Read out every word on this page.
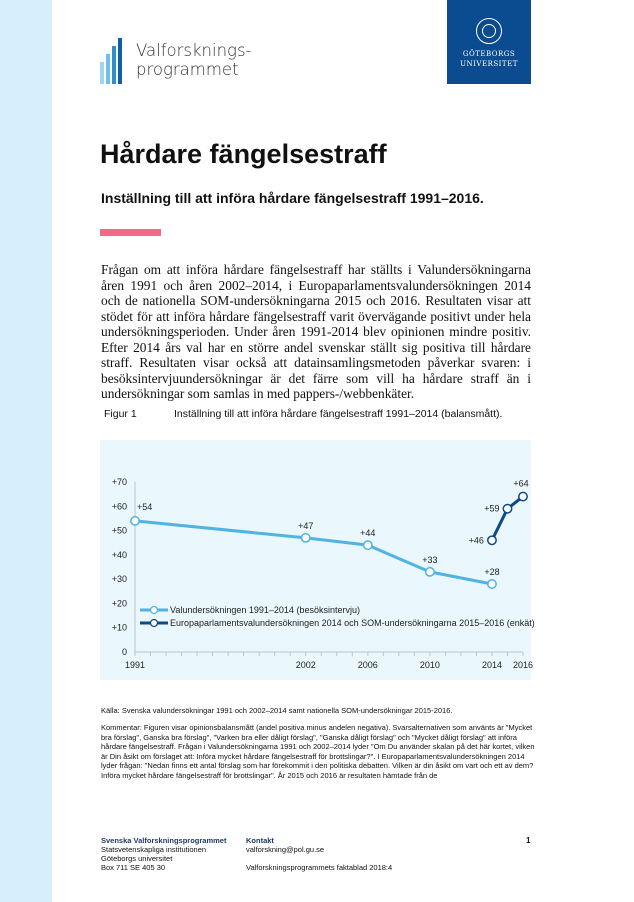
Valforsknings-
programmet
GÖTEBORGS
UNIVERSITET
Hårdare fängelsestraff
Inställning till att införa hårdare fängelsestraff 1991–2016.
Frågan om att införa hårdare fängelsestraff har ställts i Valundersökningarna åren 1991 och åren 2002–2014, i Europaparlamentsvalundersökningen 2014 och de nationella SOM-undersökningarna 2015 och 2016. Resultaten visar att stödet för att införa hårdare fängelsestraff varit övervägande positivt under hela undersökningsperioden. Under åren 1991-2014 blev opinionen mindre positiv. Efter 2014 års val har en större andel svenskar ställt sig positiva till hårdare straff. Resultaten visar också att datainsamlingsmetoden påverkar svaren: i besöksintervjuundersökningar är det färre som vill ha hårdare straff än i undersökningar som samlas in med pappers-/webbenkäter.
Figur 1	Inställning till att införa hårdare fängelsestraff 1991–2014 (balansmått).
0
+10
+20
+30
+40
+50
+60
+70
1991	2002	2006	2010	2014 2016
+54
+47
+44
+33
+28
+46
+59
+64
Valundersökningen 1991–2014 (besöksintervju)
Europaparlamentsvalundersökningen 2014 och SOM-undersökningarna 2015–2016 (enkät)
Källa: Svenska valundersökningar 1991 och 2002–2014 samt nationella SOM-undersökningar 2015-2016.
Kommentar: Figuren visar opinionsbalansmått (andel positiva minus andelen negativa). Svarsalternativen som använts är "Mycket bra förslag", Ganska bra förslag", "Varken bra eller dåligt förslag", "Ganska dåligt förslag" och "Mycket dåligt förslag" att införa hårdare fängelsestraff. Frågan i Valundersökningarna 1991 och 2002–2014 lyder "Om Du använder skalan på det här kortet, vilken är Din åsikt om förslaget att: Införa mycket hårdare fängelsestraff för brottslingar?". I Europaparlamentsvalundersökningen 2014 lyder frågan: "Nedan finns ett antal förslag som har förekommit i den politiska debatten. Vilken är din åsikt om vart och ett av dem? Införa mycket hårdare fängelsestraff för brottslingar". År 2015 och 2016 är resultaten hämtade från de
Svenska Valforskningsprogrammet
Statsvetenskapliga institutionen
Göteborgs universitet
Box 711 SE 405 30
Kontakt
valforskning@pol.gu.se

Valforskningsprogrammets faktablad 2018:4
1
